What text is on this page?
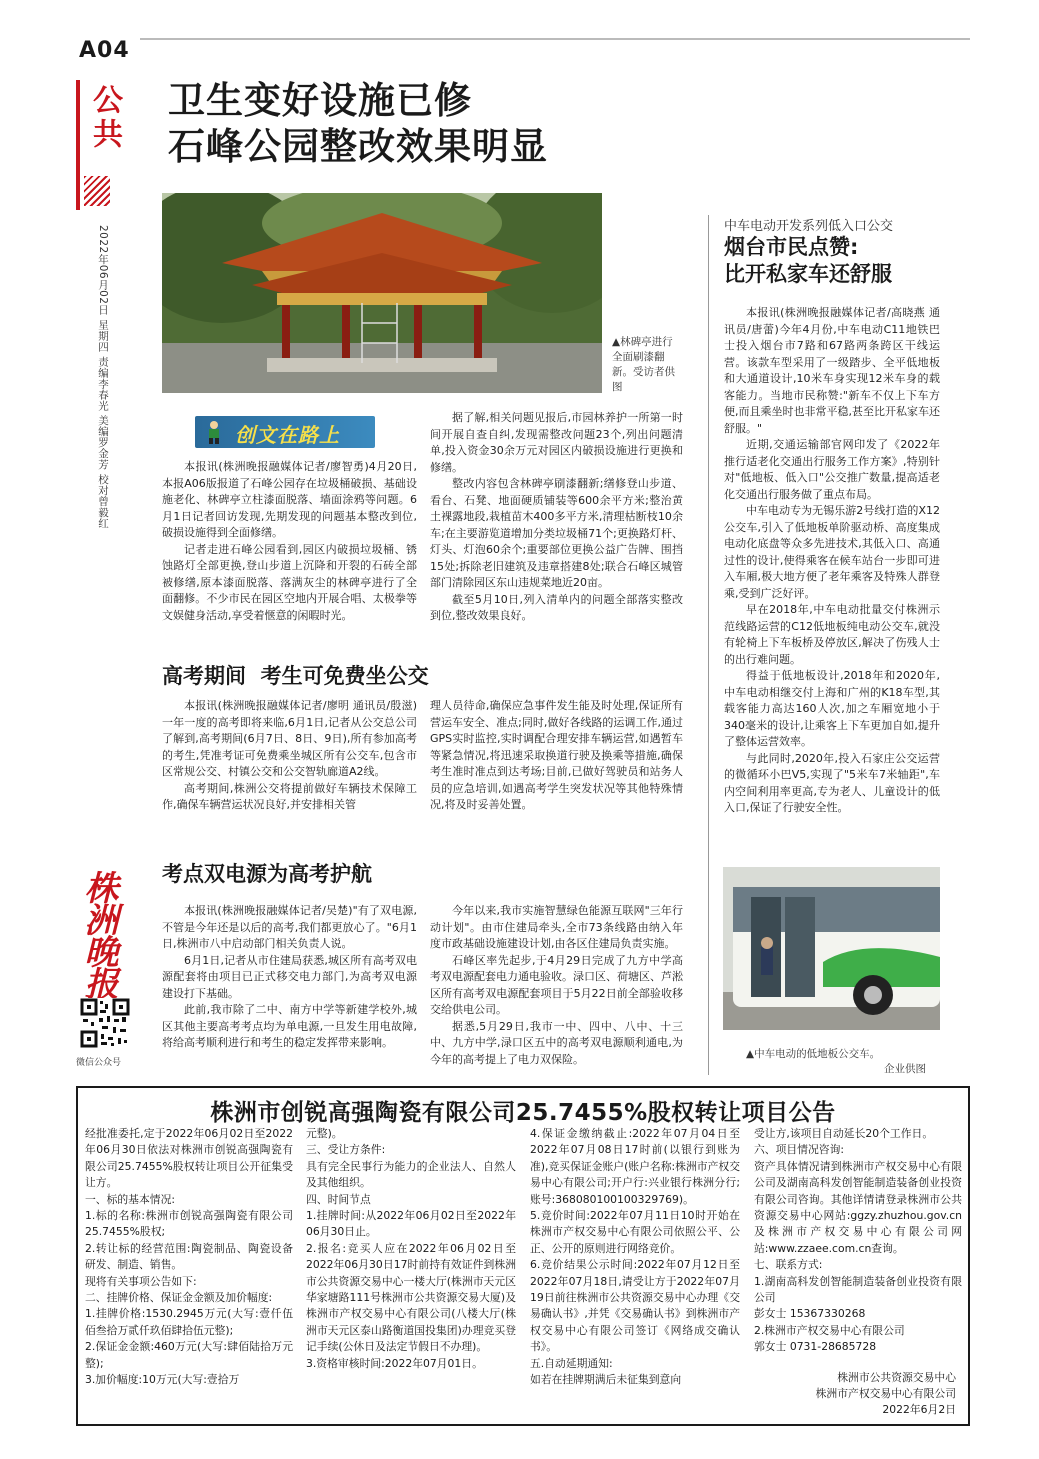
A04
公共
2022年06月02日 星期四 责编李春光 美编罗金芳 校对曾毅红
株洲晚报
微信公众号
卫生变好设施已修
石峰公园整改效果明显
▲林碑亭进行全面刷漆翻新。受访者供图
创文在路上

本报讯(株洲晚报融媒体记者/廖智勇)4月20日,本报A06版报道了石峰公园存在垃圾桶破损、基础设施老化、林碑亭立柱漆面脱落、墙面涂鸦等问题。6月1日记者回访发现,先期发现的问题基本整改到位,破损设施得到全面修缮。

记者走进石峰公园看到,园区内破损垃圾桶、锈蚀路灯全部更换,登山步道上沉降和开裂的石砖全部被修缮,原本漆面脱落、落满灰尘的林碑亭进行了全面翻修。不少市民在园区空地内开展合唱、太极拳等文娱健身活动,享受着惬意的闲暇时光。

据了解,相关问题见报后,市园林养护一所第一时间开展自查自纠,发现需整改问题23个,列出问题清单,投入资金30余万元对园区内破损设施进行更换和修缮。

整改内容包含林碑亭刷漆翻新;缮修登山步道、看台、石凳、地面硬质铺装等600余平方米;整治黄土裸露地段,栽植苗木400多平方米,清理枯断枝10余车;在主要游览道增加分类垃圾桶71个;更换路灯杆、灯头、灯泡60余个;重要部位更换公益广告牌、围挡15处;拆除老旧建筑及违章搭建8处;联合石峰区城管部门清除园区东山违规菜地近20亩。

截至5月10日,列入清单内的问题全部落实整改到位,整改效果良好。

高考期间  考生可免费坐公交

本报讯(株洲晚报融媒体记者/廖明 通讯员/殷滋)一年一度的高考即将来临,6月1日,记者从公交总公司了解到,高考期间(6月7日、8日、9日),所有参加高考的考生,凭准考证可免费乘坐城区所有公交车,包含市区常规公交、村镇公交和公交智轨廊道A2线。

高考期间,株洲公交将提前做好车辆技术保障工作,确保车辆营运状况良好,并安排相关管

理人员待命,确保应急事件发生能及时处理,保证所有营运车安全、准点;同时,做好各线路的运调工作,通过GPS实时监控,实时调配合理安排车辆运营,如遇暂车等紧急情况,将迅速采取换道行驶及换乘等措施,确保考生准时准点到达考场;目前,已做好驾驶员和站务人员的应急培训,如遇高考学生突发状况等其他特殊情况,将及时妥善处置。

考点双电源为高考护航

本报讯(株洲晚报融媒体记者/吴楚)"有了双电源,不管是今年还是以后的高考,我们都更放心了。"6月1日,株洲市八中启动部门相关负责人说。

6月1日,记者从市住建局获悉,城区所有高考双电源配套将由项目已正式移交电力部门,为高考双电源建设打下基础。

此前,我市除了二中、南方中学等新建学校外,城区其他主要高考考点均为单电源,一旦发生用电故障,将给高考顺利进行和考生的稳定发挥带来影响。

今年以来,我市实施智慧绿色能源互联网"三年行动计划"。由市住建局牵头,全市73条线路由纳入年度市政基础设施建设计划,由各区住建局负责实施。

石峰区率先起步,于4月29日完成了九方中学高考双电源配套电力通电验收。渌口区、荷塘区、芦淞区所有高考双电源配套项目于5月22日前全部验收移交给供电公司。

据悉,5月29日,我市一中、四中、八中、十三中、九方中学,渌口区五中的高考双电源顺利通电,为今年的高考提上了电力双保险。

中车电动开发系列低入口公交
烟台市民点赞:
比开私家车还舒服

本报讯(株洲晚报融媒体记者/高晓燕 通讯员/唐蕾)今年4月份,中车电动C11地铁巴士投入烟台市7路和67路两条跨区干线运营。该款车型采用了一级踏步、全平低地板和大通道设计,10米车身实现12米车身的载客能力。当地市民称赞:"新车不仅上下车方便,而且乘坐时也非常平稳,甚至比开私家车还舒服。"

近期,交通运输部官网印发了《2022年推行适老化交通出行服务工作方案》,特别针对"低地板、低入口"公交推广数量,提高适老化交通出行服务做了重点布局。

中车电动专为无锡乐游2号线打造的X12公交车,引入了低地板单阶驱动桥、高度集成电动化底盘等众多先进技术,其低入口、高通过性的设计,使得乘客在候车站台一步即可进入车厢,极大地方便了老年乘客及特殊人群登乘,受到广泛好评。

早在2018年,中车电动批量交付株洲示范线路运营的C12低地板纯电动公交车,就没有轮椅上下车板桥及停放区,解决了伤残人士的出行难问题。

得益于低地板设计,2018年和2020年,中车电动相继交付上海和广州的K18车型,其载客能力高达160人次,加之车厢宽地小于340毫米的设计,让乘客上下车更加自如,提升了整体运营效率。

与此同时,2020年,投入石家庄公交运营的微循环小巴V5,实现了"5米车7米轴距",车内空间利用率更高,专为老人、儿童设计的低入口,保证了行驶安全性。

▲中车电动的低地板公交车。
企业供图
株洲市创锐高强陶瓷有限公司25.7455%股权转让项目公告
经批准委托,定于2022年06月02日至2022年06月30日依法对株洲市创锐高强陶瓷有限公司25.7455%股权转让项目公开征集受让方。
一、标的基本情况:
1.标的名称:株洲市创锐高强陶瓷有限公司25.7455%股权;
2.转让标的经营范围:陶瓷制品、陶瓷设备研发、制造、销售。
现将有关事项公告如下:
二、挂牌价格、保证金金额及加价幅度:
1.挂牌价格:1530.2945万元(大写:壹仟伍佰叁拾万贰仟玖佰肆拾伍元整);
2.保证金金额:460万元(大写:肆佰陆拾万元整);
3.加价幅度:10万元(大写:壹拾万
元整)。
三、受让方条件:
具有完全民事行为能力的企业法人、自然人及其他组织。
四、时间节点
1.挂牌时间:从2022年06月02日至2022年06月30日止。
2.报名:竞买人应在2022年06月02日至2022年06月30日17时前持有效证件到株洲市公共资源交易中心一楼大厅(株洲市天元区华家塘路111号株洲市公共资源交易大厦)及株洲市产权交易中心有限公司(八楼大厅(株洲市天元区泰山路衡道国投集团)办理竞买登记手续(公休日及法定节假日不办理)。
3.资格审核时间:2022年07月01日。
4.保证金缴纳截止:2022年07月04日至2022年07月08日17时前(以银行到账为准),竞买保证金账户(账户名称:株洲市产权交易中心有限公司;开户行:兴业银行株洲分行;账号:368080100100329769)。
5.竞价时间:2022年07月11日10时开始在株洲市产权交易中心有限公司依照公平、公正、公开的原则进行网络竞价。
6.竞价结果公示时间:2022年07月12日至2022年07月18日,请受让方于2022年07月19日前往株洲市公共资源交易中心办理《交易确认书》,并凭《交易确认书》到株洲市产权交易中心有限公司签订《网络成交确认书》。
五.自动延期通知:
如若在挂牌期满后未征集到意向
受让方,该项目自动延长20个工作日。
六、项目情况咨询:
资产具体情况请到株洲市产权交易中心有限公司及湖南高科发创智能制造装备创业投资有限公司咨询。其他详情请登录株洲市公共资源交易中心网站:ggzy.zhuzhou.gov.cn及株洲市产权交易中心有限公司网站:www.zzaee.com.cn查询。
七、联系方式:
1.湖南高科发创智能制造装备创业投资有限公司
彭女士 15367330268
2.株洲市产权交易中心有限公司
郭女士 0731-28685728
株洲市公共资源交易中心
株洲市产权交易中心有限公司
2022年6月2日
